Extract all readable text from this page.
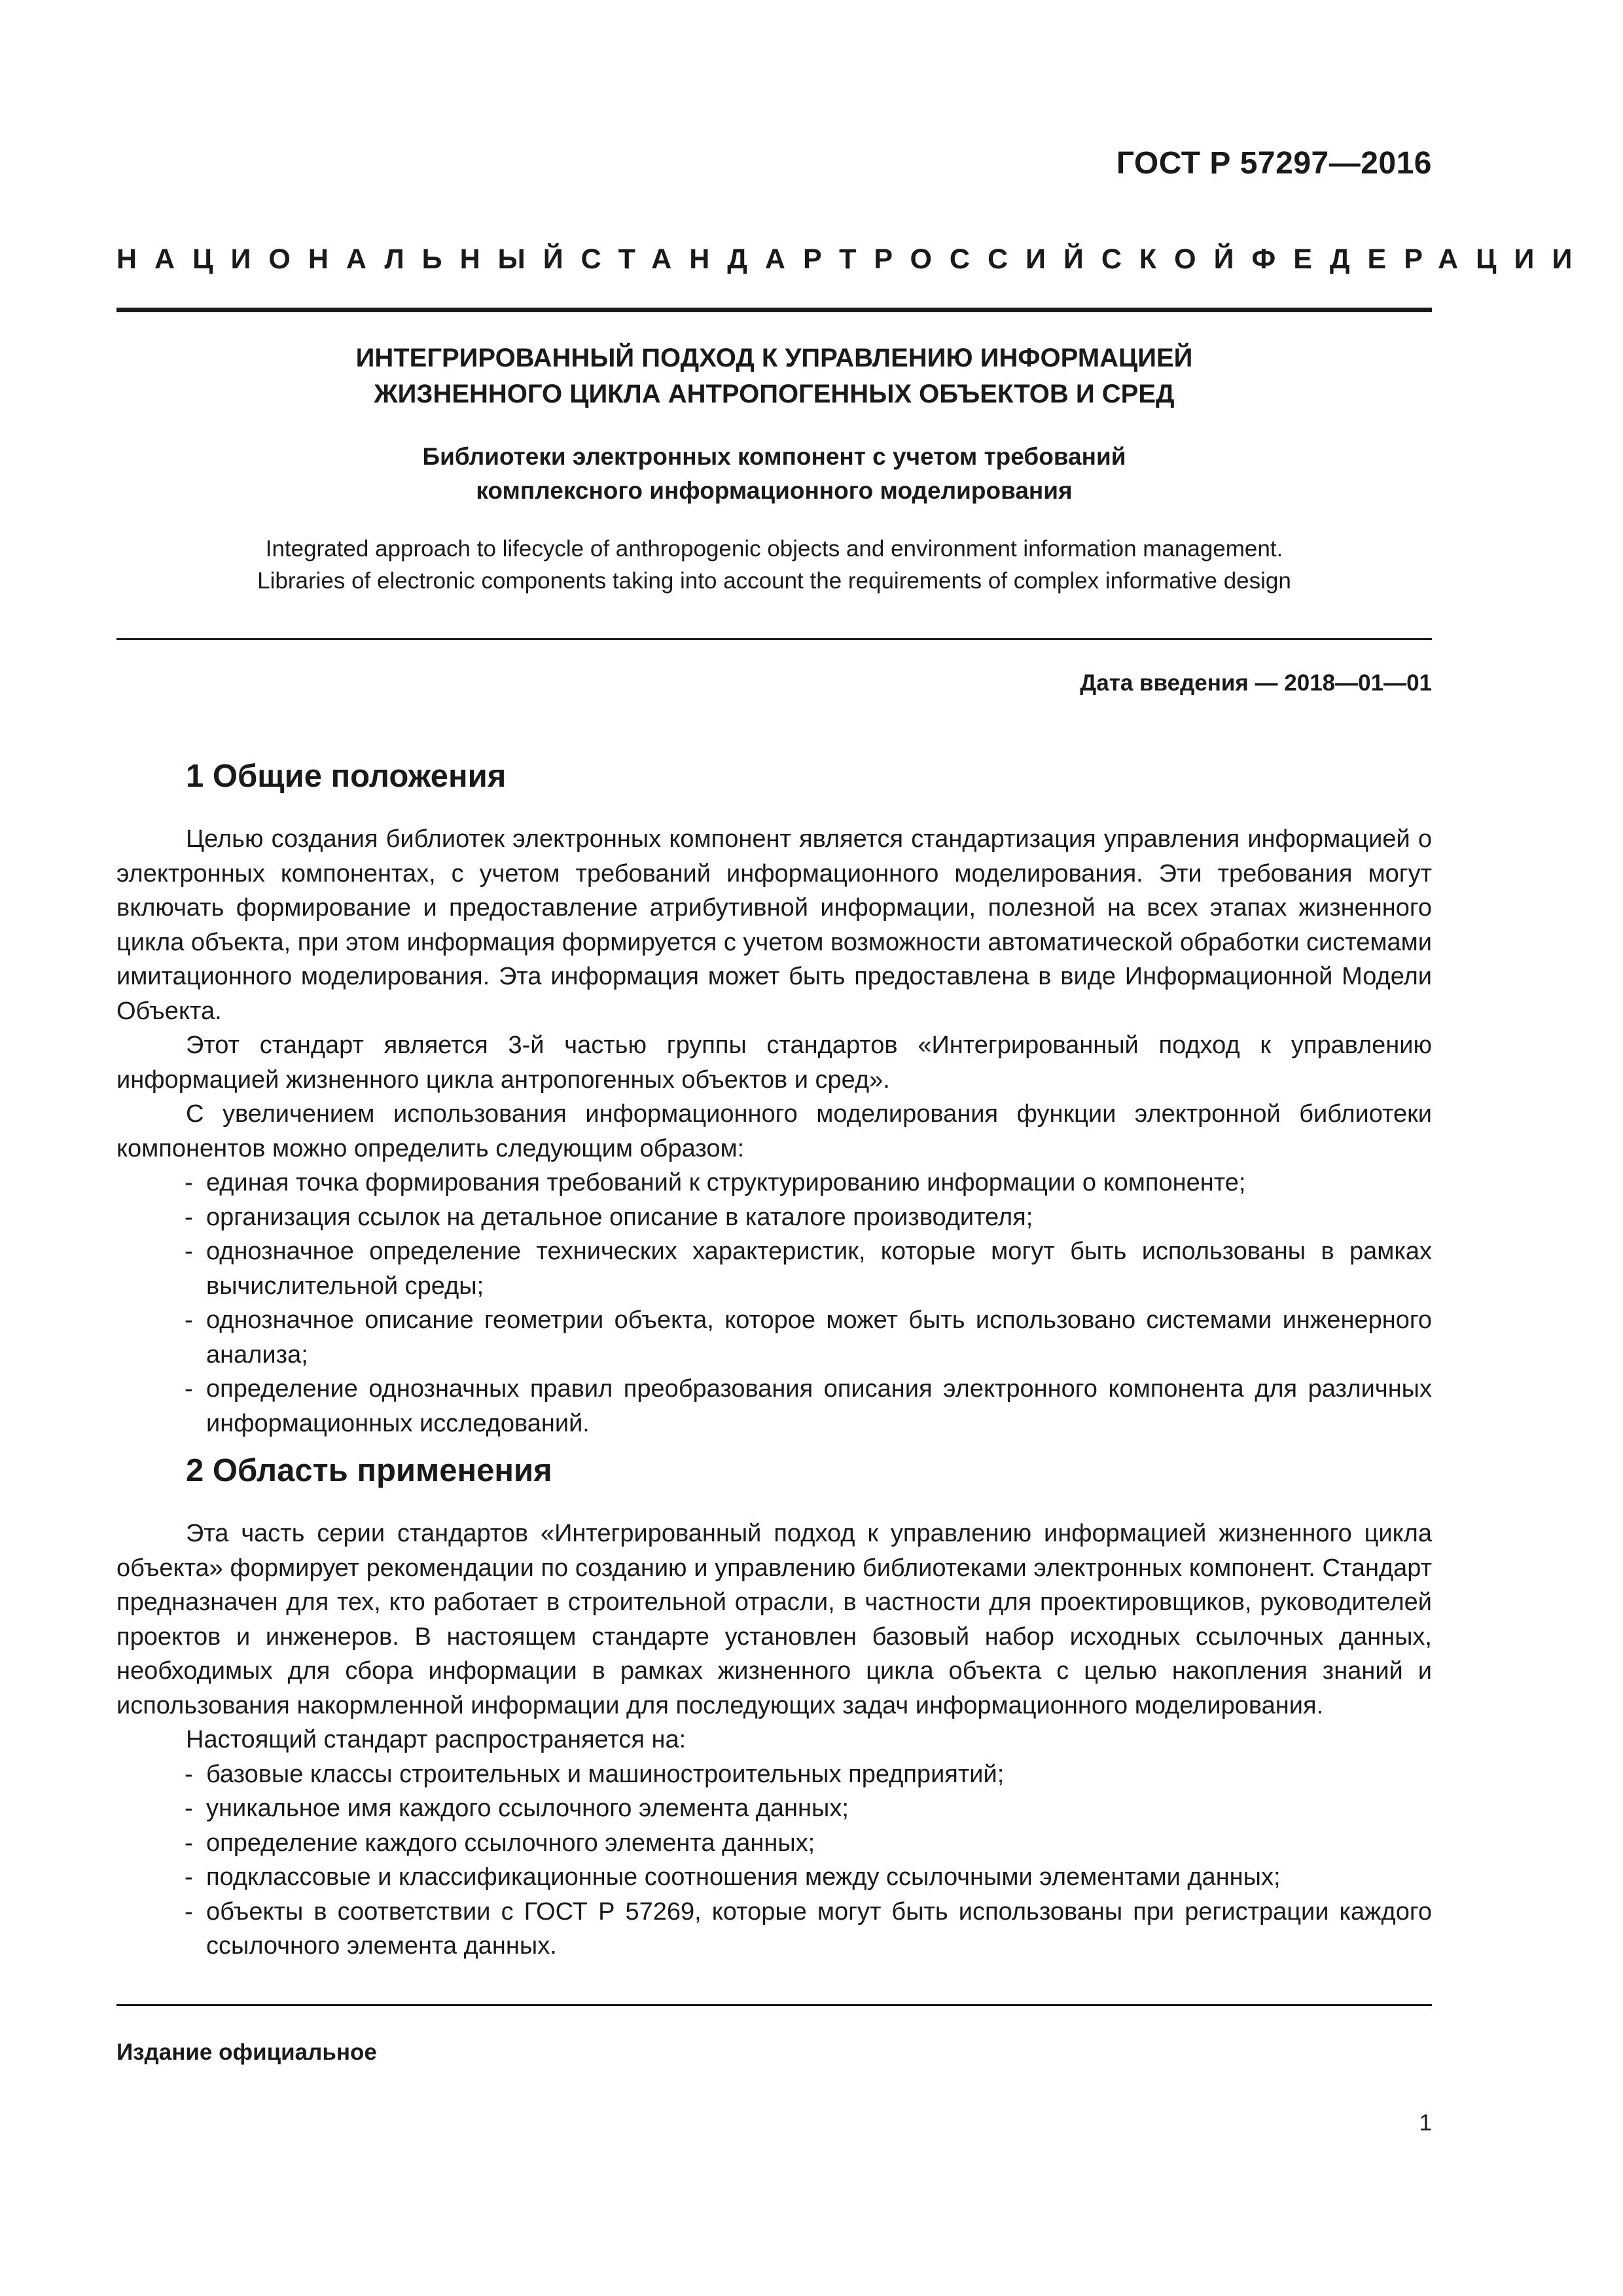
ГОСТ Р 57297—2016
НАЦИОНАЛЬНЫЙ СТАНДАРТ РОССИЙСКОЙ ФЕДЕРАЦИИ
ИНТЕГРИРОВАННЫЙ ПОДХОД К УПРАВЛЕНИЮ ИНФОРМАЦИЕЙ
ЖИЗНЕННОГО ЦИКЛА АНТРОПОГЕННЫХ ОБЪЕКТОВ И СРЕД
Библиотеки электронных компонент с учетом требований
комплексного информационного моделирования
Integrated approach to lifecycle of anthropogenic objects and environment information management.
Libraries of electronic components taking into account the requirements of complex informative design
Дата введения — 2018—01—01
1 Общие положения

Целью создания библиотек электронных компонент является стандартизация управления информацией о электронных компонентах, с учетом требований информационного моделирования. Эти требования могут включать формирование и предоставление атрибутивной информации, полезной на всех этапах жизненного цикла объекта, при этом информация формируется с учетом возможности автоматической обработки системами имитационного моделирования. Эта информация может быть предоставлена в виде Информационной Модели Объекта.

Этот стандарт является 3-й частью группы стандартов «Интегрированный подход к управлению информацией жизненного цикла антропогенных объектов и сред».

С увеличением использования информационного моделирования функции электронной библиотеки компонентов можно определить следующим образом:

- единая точка формирования требований к структурированию информации о компоненте;
- организация ссылок на детальное описание в каталоге производителя;
- однозначное определение технических характеристик, которые могут быть использованы в рамках вычислительной среды;
- однозначное описание геометрии объекта, которое может быть использовано системами инженерного анализа;
- определение однозначных правил преобразования описания электронного компонента для различных информационных исследований.
2 Область применения

Эта часть серии стандартов «Интегрированный подход к управлению информацией жизненного цикла объекта» формирует рекомендации по созданию и управлению библиотеками электронных компонент. Стандарт предназначен для тех, кто работает в строительной отрасли, в частности для проектировщиков, руководителей проектов и инженеров. В настоящем стандарте установлен базовый набор исходных ссылочных данных, необходимых для сбора информации в рамках жизненного цикла объекта с целью накопления знаний и использования накормленной информации для последующих задач информационного моделирования.

Настоящий стандарт распространяется на:

- базовые классы строительных и машиностроительных предприятий;
- уникальное имя каждого ссылочного элемента данных;
- определение каждого ссылочного элемента данных;
- подклассовые и классификационные соотношения между ссылочными элементами данных;
- объекты в соответствии с ГОСТ Р 57269, которые могут быть использованы при регистрации каждого ссылочного элемента данных.
Издание официальное
1
